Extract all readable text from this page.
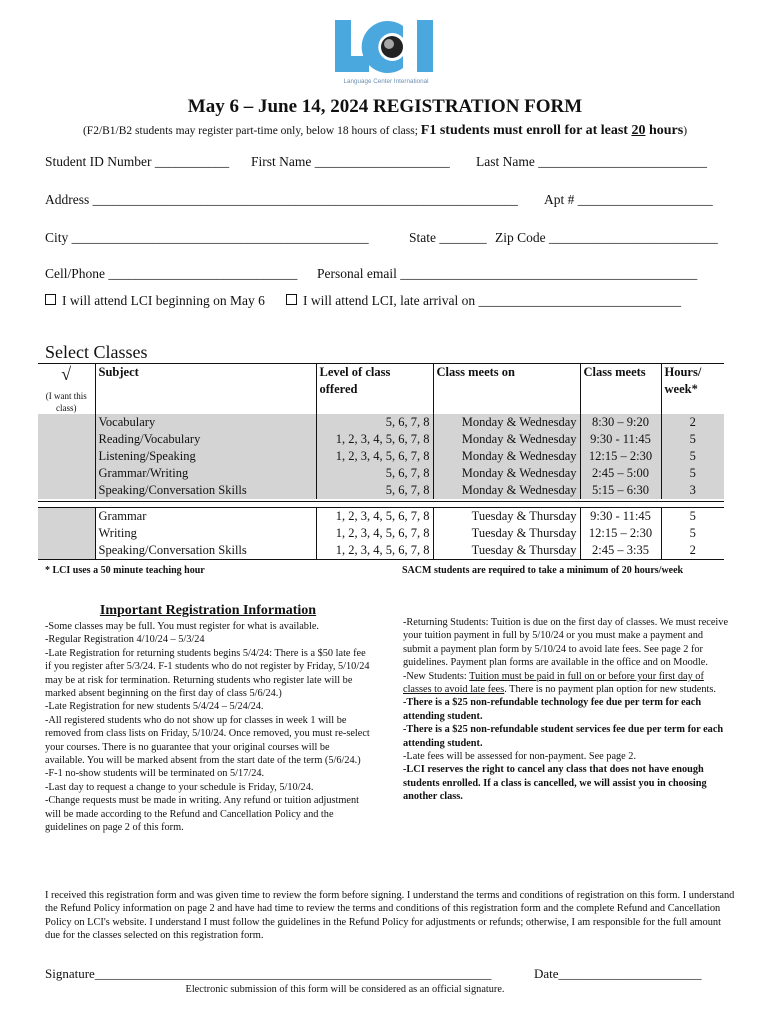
Language Center International
May 6 – June 14, 2024 REGISTRATION FORM
(F2/B1/B2 students may register part-time only, below 18 hours of class; F1 students must enroll for at least 20 hours)
Student ID Number ___________ First Name ____________________ Last Name _________________________
Address _______________________________________________________________ Apt # ____________________
City ____________________________________________	State _______ Zip Code _________________________
Cell/Phone ____________________________ Personal email ____________________________________________
I will attend LCI beginning on May 6	I will attend LCI, late arrival on ______________________________
Select Classes
√
(I want this class)	Subject	Level of class offered	Class meets on	Class meets	Hours/ week*
	Vocabulary	5, 6, 7, 8	Monday & Wednesday	8:30 – 9:20	2
	Reading/Vocabulary	1, 2, 3, 4, 5, 6, 7, 8	Monday & Wednesday	9:30 - 11:45	5
	Listening/Speaking	1, 2, 3, 4, 5, 6, 7, 8	Monday & Wednesday	12:15 – 2:30	5
	Grammar/Writing	5, 6, 7, 8	Monday & Wednesday	2:45 – 5:00	5
	Speaking/Conversation Skills	5, 6, 7, 8	Monday & Wednesday	5:15 – 6:30	3

	Grammar	1, 2, 3, 4, 5, 6, 7, 8	Tuesday & Thursday	9:30 - 11:45	5
	Writing	1, 2, 3, 4, 5, 6, 7, 8	Tuesday & Thursday	12:15 – 2:30	5
	Speaking/Conversation Skills	1, 2, 3, 4, 5, 6, 7, 8	Tuesday & Thursday	2:45 – 3:35	2
* LCI uses a 50 minute teaching hour	SACM students are required to take a minimum of 20 hours/week
Important Registration Information

-Some classes may be full. You must register for what is available.

-Regular Registration 4/10/24 – 5/3/24

-Late Registration for returning students begins 5/4/24: There is a $50 late fee if you register after 5/3/24. F-1 students who do not register by Friday, 5/10/24 may be at risk for termination. Returning students who register late will be marked absent beginning on the first day of class 5/6/24.)

-Late Registration for new students 5/4/24 – 5/24/24.

-All registered students who do not show up for classes in week 1 will be removed from class lists on Friday, 5/10/24. Once removed, you must re-select your courses. There is no guarantee that your original courses will be available. You will be marked absent from the start date of the term (5/6/24.)

-F-1 no-show students will be terminated on 5/17/24.

-Last day to request a change to your schedule is Friday, 5/10/24.

-Change requests must be made in writing. Any refund or tuition adjustment will be made according to the Refund and Cancellation Policy and the guidelines on page 2 of this form.

-Returning Students: Tuition is due on the first day of classes. We must receive your tuition payment in full by 5/10/24 or you must make a payment and submit a payment plan form by 5/10/24 to avoid late fees. See page 2 for guidelines. Payment plan forms are available in the office and on Moodle.

-New Students: Tuition must be paid in full on or before your first day of classes to avoid late fees. There is no payment plan option for new students.

-There is a $25 non-refundable technology fee due per term for each attending student.

-There is a $25 non-refundable student services fee due per term for each attending student.

-Late fees will be assessed for non-payment. See page 2.

-LCI reserves the right to cancel any class that does not have enough students enrolled. If a class is cancelled, we will assist you in choosing another class.

I received this registration form and was given time to review the form before signing. I understand the terms and conditions of registration on this form. I understand the Refund Policy information on page 2 and have had time to review the terms and conditions of this registration form and the complete Refund and Cancellation Policy on LCI's website. I understand I must follow the guidelines in the Refund Policy for adjustments or refunds; otherwise, I am responsible for the full amount due for the classes selected on this registration form.
Signature_____________________________________________________________	Date______________________
Electronic submission of this form will be considered as an official signature.
